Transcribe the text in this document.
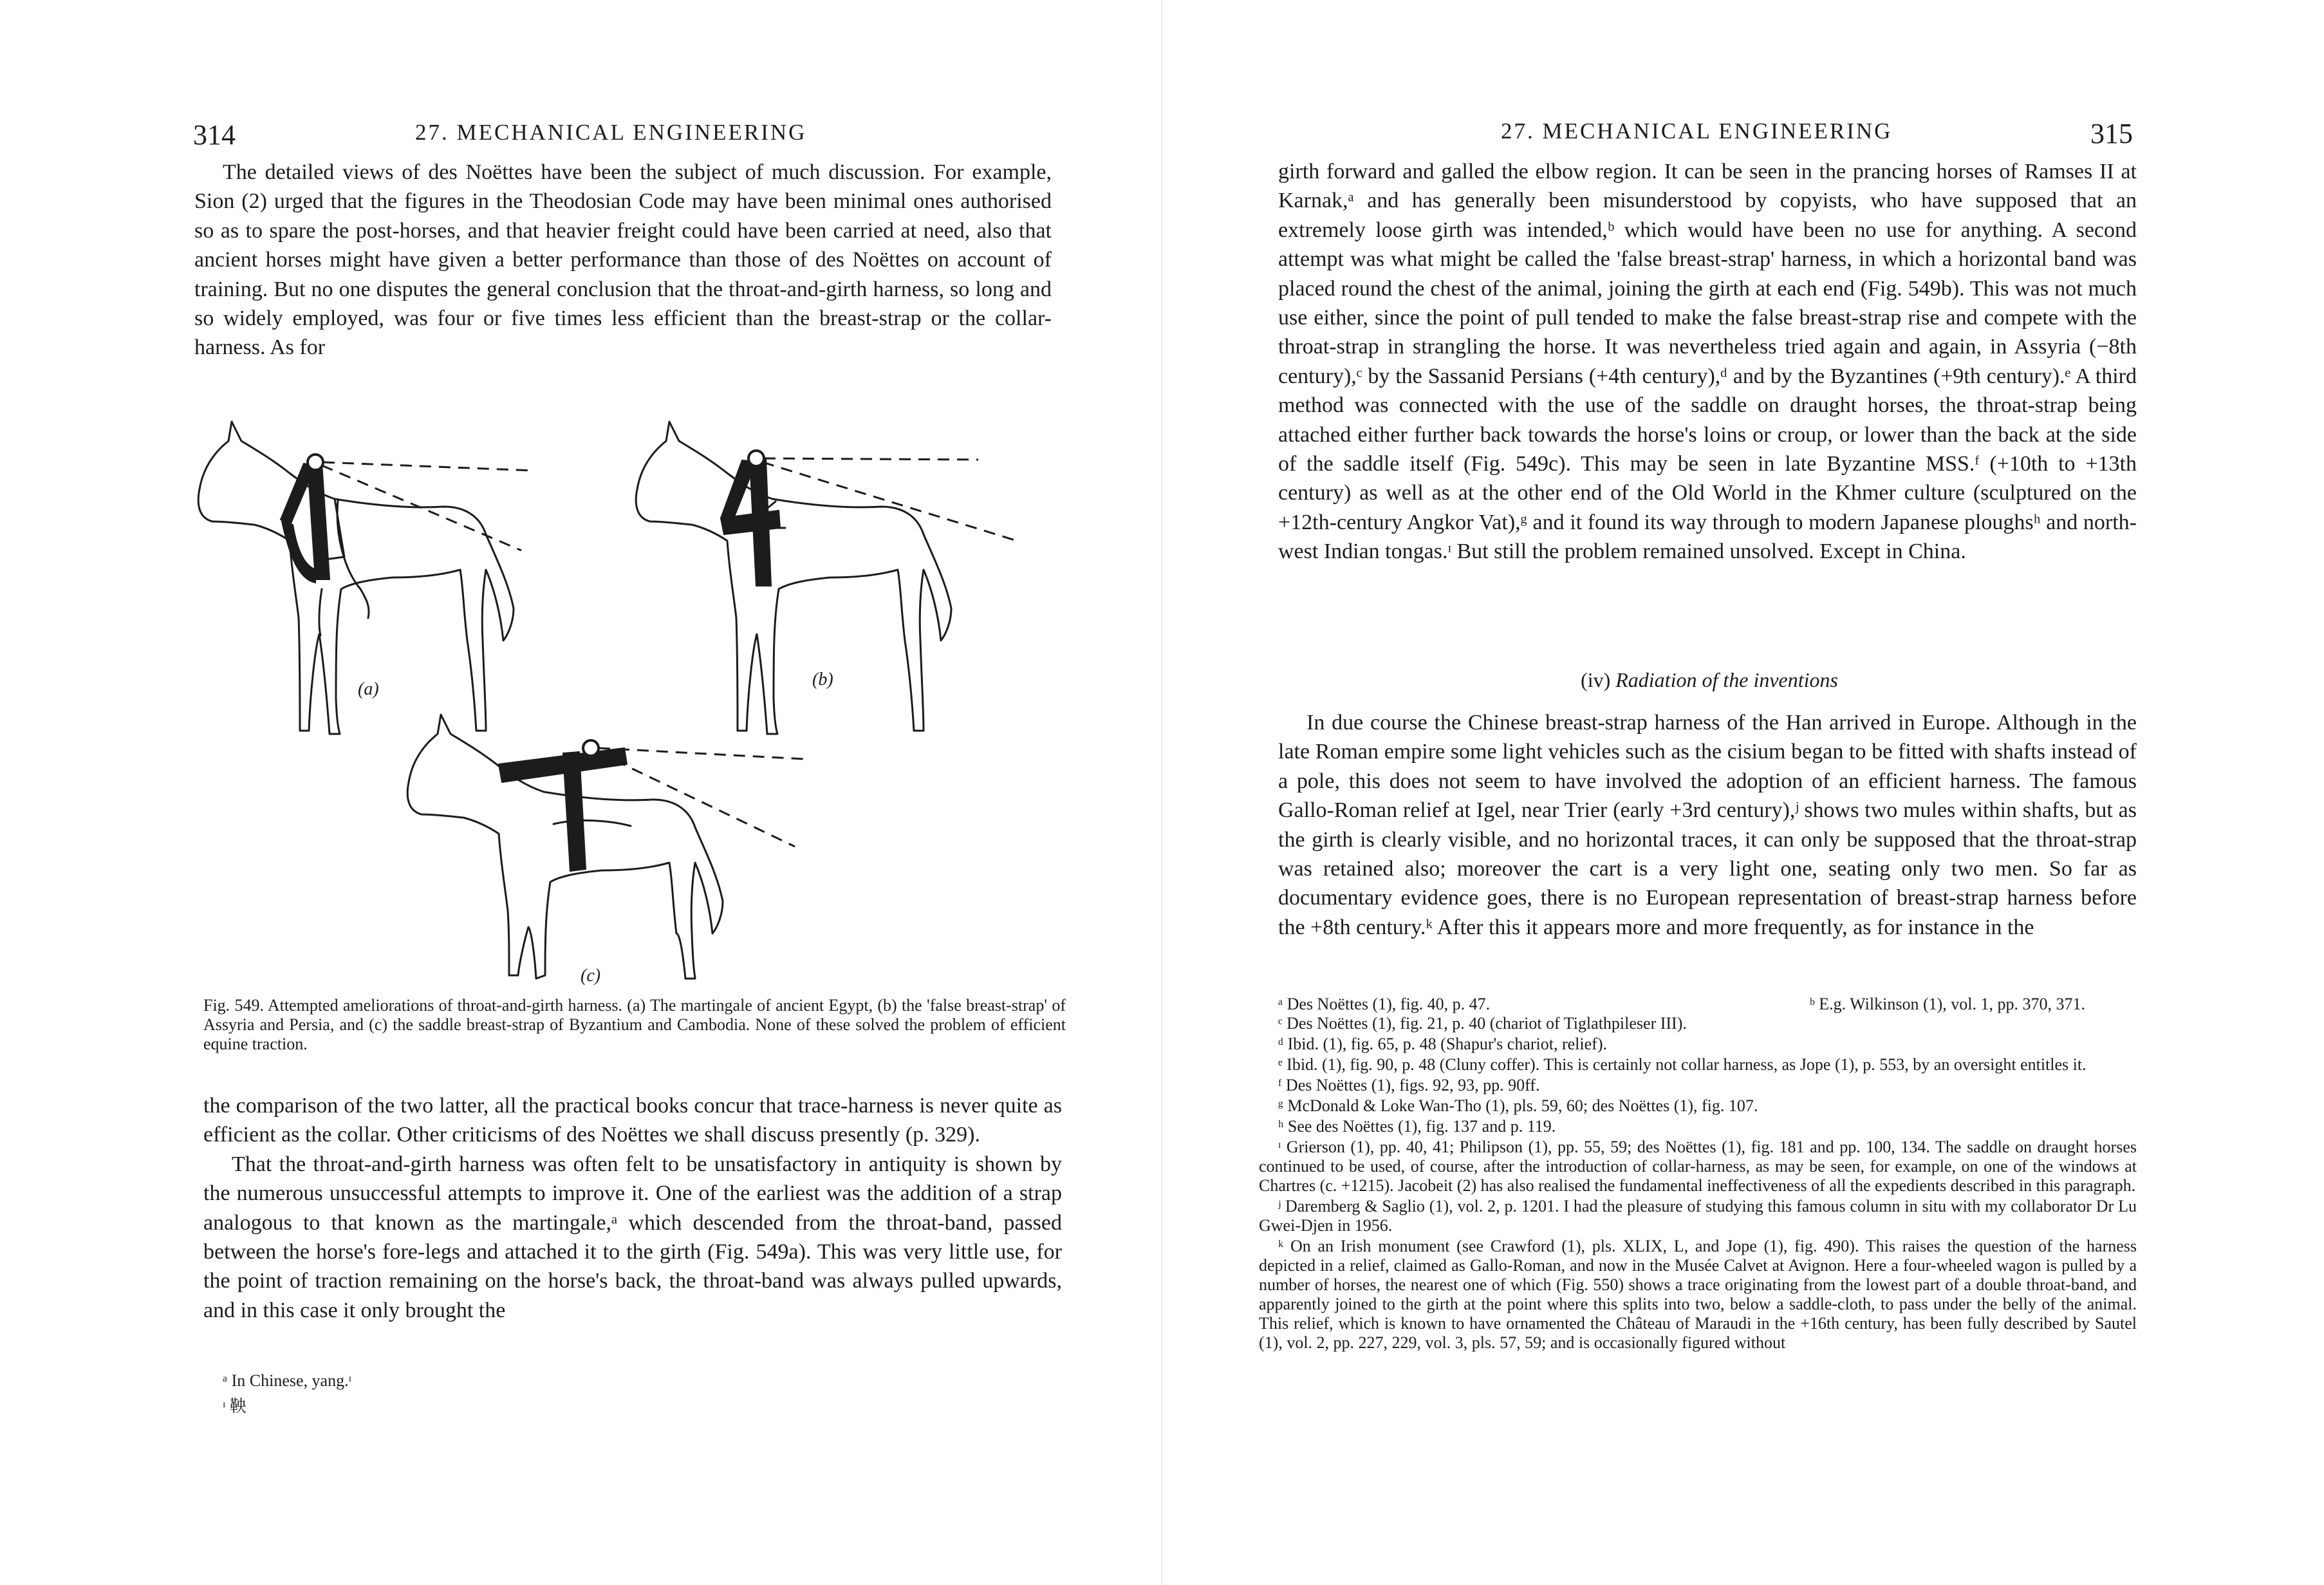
314	27. MECHANICAL ENGINEERING

The detailed views of des Noëttes have been the subject of much discussion. For example, Sion (2) urged that the figures in the Theodosian Code may have been minimal ones authorised so as to spare the post-horses, and that heavier freight could have been carried at need, also that ancient horses might have given a better performance than those of des Noëttes on account of training. But no one disputes the general conclusion that the throat-and-girth harness, so long and so widely employed, was four or five times less efficient than the breast-strap or the collar-harness. As for

(a)	(b)
(c)
Fig. 549. Attempted ameliorations of throat-and-girth harness. (a) The martingale of ancient Egypt, (b) the 'false breast-strap' of Assyria and Persia, and (c) the saddle breast-strap of Byzantium and Cambodia. None of these solved the problem of efficient equine traction.

the comparison of the two latter, all the practical books concur that trace-harness is never quite as efficient as the collar. Other criticisms of des Noëttes we shall discuss presently (p. 329).

That the throat-and-girth harness was often felt to be unsatisfactory in antiquity is shown by the numerous unsuccessful attempts to improve it. One of the earliest was the addition of a strap analogous to that known as the martingale,ᵃ which descended from the throat-band, passed between the horse's fore-legs and attached it to the girth (Fig. 549a). This was very little use, for the point of traction remaining on the horse's back, the throat-band was always pulled upwards, and in this case it only brought the

ᵃ In Chinese, yang.ᶦ
ᶦ 鞅
27. MECHANICAL ENGINEERING	315

girth forward and galled the elbow region. It can be seen in the prancing horses of Ramses II at Karnak,ᵃ and has generally been misunderstood by copyists, who have supposed that an extremely loose girth was intended,ᵇ which would have been no use for anything. A second attempt was what might be called the 'false breast-strap' harness, in which a horizontal band was placed round the chest of the animal, joining the girth at each end (Fig. 549b). This was not much use either, since the point of pull tended to make the false breast-strap rise and compete with the throat-strap in strangling the horse. It was nevertheless tried again and again, in Assyria (−8th century),ᶜ by the Sassanid Persians (+4th century),ᵈ and by the Byzantines (+9th century).ᵉ A third method was connected with the use of the saddle on draught horses, the throat-strap being attached either further back towards the horse's loins or croup, or lower than the back at the side of the saddle itself (Fig. 549c). This may be seen in late Byzantine MSS.ᶠ (+10th to +13th century) as well as at the other end of the Old World in the Khmer culture (sculptured on the +12th-century Angkor Vat),ᵍ and it found its way through to modern Japanese ploughsʰ and north-west Indian tongas.ᶦ But still the problem remained unsolved. Except in China.

(iv) Radiation of the inventions

In due course the Chinese breast-strap harness of the Han arrived in Europe. Although in the late Roman empire some light vehicles such as the cisium began to be fitted with shafts instead of a pole, this does not seem to have involved the adoption of an efficient harness. The famous Gallo-Roman relief at Igel, near Trier (early +3rd century),ʲ shows two mules within shafts, but as the girth is clearly visible, and no horizontal traces, it can only be supposed that the throat-strap was retained also; moreover the cart is a very light one, seating only two men. So far as documentary evidence goes, there is no European representation of breast-strap harness before the +8th century.ᵏ After this it appears more and more frequently, as for instance in the

ᵃ Des Noëttes (1), fig. 40, p. 47.	ᵇ E.g. Wilkinson (1), vol. 1, pp. 370, 371.
ᶜ Des Noëttes (1), fig. 21, p. 40 (chariot of Tiglathpileser III).
ᵈ Ibid. (1), fig. 65, p. 48 (Shapur's chariot, relief).
ᵉ Ibid. (1), fig. 90, p. 48 (Cluny coffer). This is certainly not collar harness, as Jope (1), p. 553, by an oversight entitles it.
ᶠ Des Noëttes (1), figs. 92, 93, pp. 90ff.
ᵍ McDonald & Loke Wan-Tho (1), pls. 59, 60; des Noëttes (1), fig. 107.
ʰ See des Noëttes (1), fig. 137 and p. 119.
ᶦ Grierson (1), pp. 40, 41; Philipson (1), pp. 55, 59; des Noëttes (1), fig. 181 and pp. 100, 134. The saddle on draught horses continued to be used, of course, after the introduction of collar-harness, as may be seen, for example, on one of the windows at Chartres (c. +1215). Jacobeit (2) has also realised the fundamental ineffectiveness of all the expedients described in this paragraph.
ʲ Daremberg & Saglio (1), vol. 2, p. 1201. I had the pleasure of studying this famous column in situ with my collaborator Dr Lu Gwei-Djen in 1956.
ᵏ On an Irish monument (see Crawford (1), pls. XLIX, L, and Jope (1), fig. 490). This raises the question of the harness depicted in a relief, claimed as Gallo-Roman, and now in the Musée Calvet at Avignon. Here a four-wheeled wagon is pulled by a number of horses, the nearest one of which (Fig. 550) shows a trace originating from the lowest part of a double throat-band, and apparently joined to the girth at the point where this splits into two, below a saddle-cloth, to pass under the belly of the animal. This relief, which is known to have ornamented the Château of Maraudi in the +16th century, has been fully described by Sautel (1), vol. 2, pp. 227, 229, vol. 3, pls. 57, 59; and is occasionally figured without
